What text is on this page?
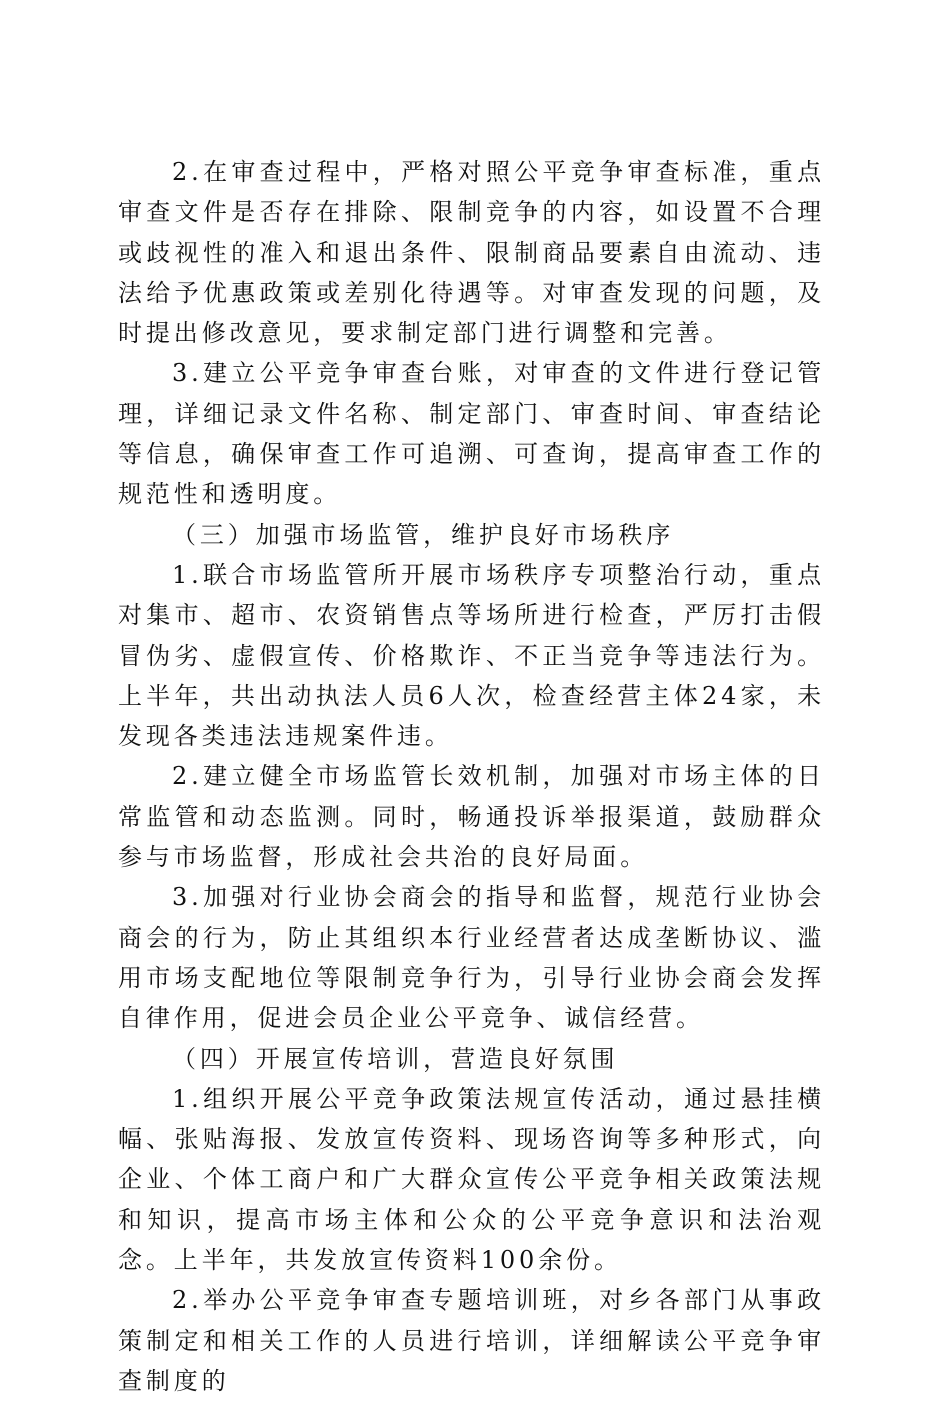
2.在审查过程中，严格对照公平竞争审查标准，重点审查文件是否存在排除、限制竞争的内容，如设置不合理或歧视性的准入和退出条件、限制商品要素自由流动、违法给予优惠政策或差别化待遇等。对审查发现的问题，及时提出修改意见，要求制定部门进行调整和完善。

3.建立公平竞争审查台账，对审查的文件进行登记管理，详细记录文件名称、制定部门、审查时间、审查结论等信息，确保审查工作可追溯、可查询，提高审查工作的规范性和透明度。

（三）加强市场监管，维护良好市场秩序

1.联合市场监管所开展市场秩序专项整治行动，重点对集市、超市、农资销售点等场所进行检查，严厉打击假冒伪劣、虚假宣传、价格欺诈、不正当竞争等违法行为。上半年，共出动执法人员6人次，检查经营主体24家，未发现各类违法违规案件违。

2.建立健全市场监管长效机制，加强对市场主体的日常监管和动态监测。同时，畅通投诉举报渠道，鼓励群众参与市场监督，形成社会共治的良好局面。

3.加强对行业协会商会的指导和监督，规范行业协会商会的行为，防止其组织本行业经营者达成垄断协议、滥用市场支配地位等限制竞争行为，引导行业协会商会发挥自律作用，促进会员企业公平竞争、诚信经营。

（四）开展宣传培训，营造良好氛围

1.组织开展公平竞争政策法规宣传活动，通过悬挂横幅、张贴海报、发放宣传资料、现场咨询等多种形式，向企业、个体工商户和广大群众宣传公平竞争相关政策法规和知识，提高市场主体和公众的公平竞争意识和法治观念。上半年，共发放宣传资料100余份。

2.举办公平竞争审查专题培训班，对乡各部门从事政策制定和相关工作的人员进行培训，详细解读公平竞争审查制度的
